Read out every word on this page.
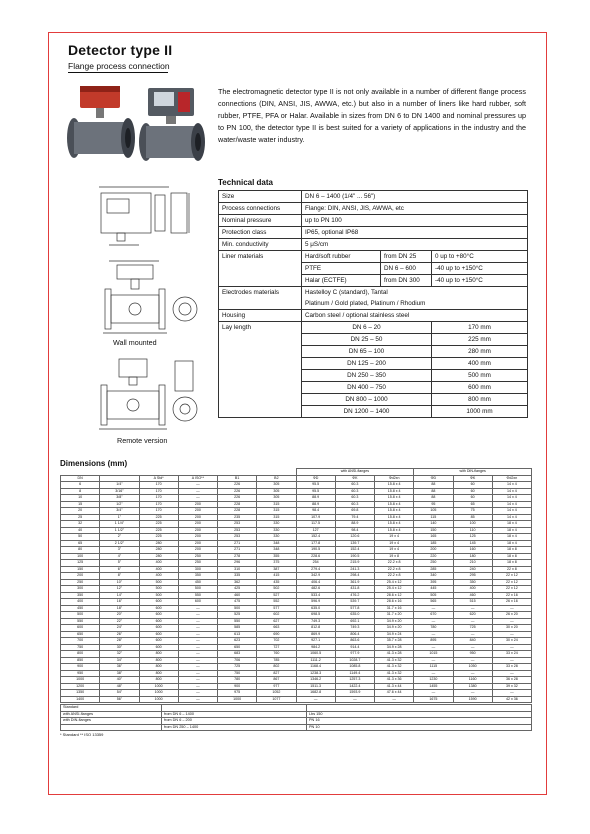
Detector type II
Flange process connection
The electromagnetic detector type II is not only available in a number of different flange process connections (DIN, ANSI, JIS, AWWA, etc.) but also in a number of liners like hard rubber, soft rubber, PTFE, PFA or Halar. Available in sizes from DN 6 to DN 1400 and nominal pressures up to PN 100, the detector type II is best suited for a variety of applications in the industry and the water/waste water industry.
Wall mounted
Remote version
Technical data
Size	DN 6 – 1400 (1/4" ... 56")		
Process connections	Flange: DIN, ANSI, JIS, AWWA, etc		
Nominal pressure	up to PN 100		
Protection class	IP65, optional IP68		
Min. conductivity	5 μS/cm		
Liner materials	Hard/soft rubber	from DN 25	0 up to +80°C
	PTFE	DN 6 – 600	-40 up to +150°C
	Halar (ECTFE)	from DN 300	-40 up to +150°C
Electrodes materials	Hastelloy C (standard), Tantal		
	Platinum / Gold plated, Platinum / Rhodium		
Housing	Carbon steel / optional stainless steel		
Lay length	DN 6 – 20		170 mm
	DN 25 – 50		225 mm
	DN 65 – 100		280 mm
	DN 125 – 200		400 mm
	DN 250 – 350		500 mm
	DN 400 – 750		600 mm
	DN 800 – 1000		800 mm
	DN 1200 – 1400		1000 mm
Dimensions (mm)
						with ANSI-flanges			with DIN-flanges		
DN		A Std*	A ISO**	B1	B2	ΦD	ΦK	Φd2xn	ΦD	ΦK	Φd2xn
6	1/4"	170	—	226	305	95.5	60.3	15.8 x 4	88	60	14 x 4
8	3/16"	170	—	226	305	95.5	60.3	15.8 x 4	88	60	14 x 4
10	3/8"	170	—	226	305	88.9	60.3	15.8 x 4	88	60	14 x 4
15	1/2"	170	200	228	315	88.9	60.3	15.8 x 4	95	65	14 x 4
20	3/4"	170	200	228	315	98.4	69.8	15.8 x 4	105	75	14 x 4
25	1"	225	200	235	315	107.9	79.4	15.8 x 4	115	85	14 x 4
32	1 1/4"	225	200	253	330	117.5	88.9	15.8 x 4	140	100	18 x 4
40	1 1/2"	225	200	253	330	127	98.4	15.8 x 4	150	110	18 x 4
50	2"	225	200	253	330	152.4	120.6	19 x 4	165	125	18 x 4
65	2 1/2"	280	200	271	348	177.8	139.7	19 x 4	185	145	18 x 4
80	3"	280	200	271	348	190.5	152.4	19 x 4	200	160	18 x 8
100	4"	280	250	278	355	228.6	190.5	19 x 8	220	180	18 x 8
125	5"	400	250	296	375	254	215.9	22.2 x 8	250	210	18 x 8
150	6"	400	300	310	387	279.4	241.3	22.2 x 8	285	240	22 x 8
200	8"	400	350	335	415	342.9	298.4	22.2 x 8	340	295	22 x 12
250	10"	500	450	362	435	406.4	361.9	25.4 x 12	395	350	22 x 12
300	12"	500	500	425	502	482.6	431.8	25.4 x 12	445	400	22 x 12
350	14"	500	550	460	527	533.4	476.2	28.6 x 12	505	460	22 x 16
400	16"	600	600	475	552	596.9	539.7	28.6 x 16	565	515	26 x 16
450	18"	600	—	500	577	635.0	577.8	31.7 x 16	—	—	—
500	20"	600	—	525	602	698.5	635.0	31.7 x 20	670	620	26 x 20
550	22"	600	—	550	627	749.3	692.1	34.9 x 20	—	—	—
600	24"	600	—	585	663	812.8	749.3	34.9 x 20	780	725	30 x 20
650	26"	600	—	613	690	869.9	806.4	34.9 x 24	—	—	—
700	28"	600	—	623	702	927.1	863.6	35.7 x 28	895	840	30 x 24
750	30"	600	—	650	727	984.2	914.4	34.9 x 28	—	—	—
800	32"	800	—	683	760	1060.5	977.9	41.3 x 28	1015	950	33 x 24
850	34"	800	—	706	785	1111.2	1028.7	41.3 x 32	—	—	—
900	36"	800	—	725	802	1168.4	1085.8	41.3 x 32	1115	1050	33 x 28
950	38"	800	—	750	827	1238.3	1149.4	41.3 x 32	—	—	—
1000	40"	800	—	780	867	1346.2	1257.3	41.3 x 36	1230	1160	36 x 28
1200	48"	1000	—	900	977	1511.3	1422.4	41.3 x 44	1455	1380	39 x 32
1350	54"	1000	—	975	1052	1682.8	1593.9	47.6 x 44	—	—	—
1400	56"	1000	—	1000	1077	—	—	—	1675	1590	42 x 36
Standard		
with ANSI-flanges	from DN 6 – 1400	Lbs 150
with DIN-flanges	from DN 6 – 200	PN 16
	from DN 250 – 1400	PN 10
* Standard ** ISO 13359
